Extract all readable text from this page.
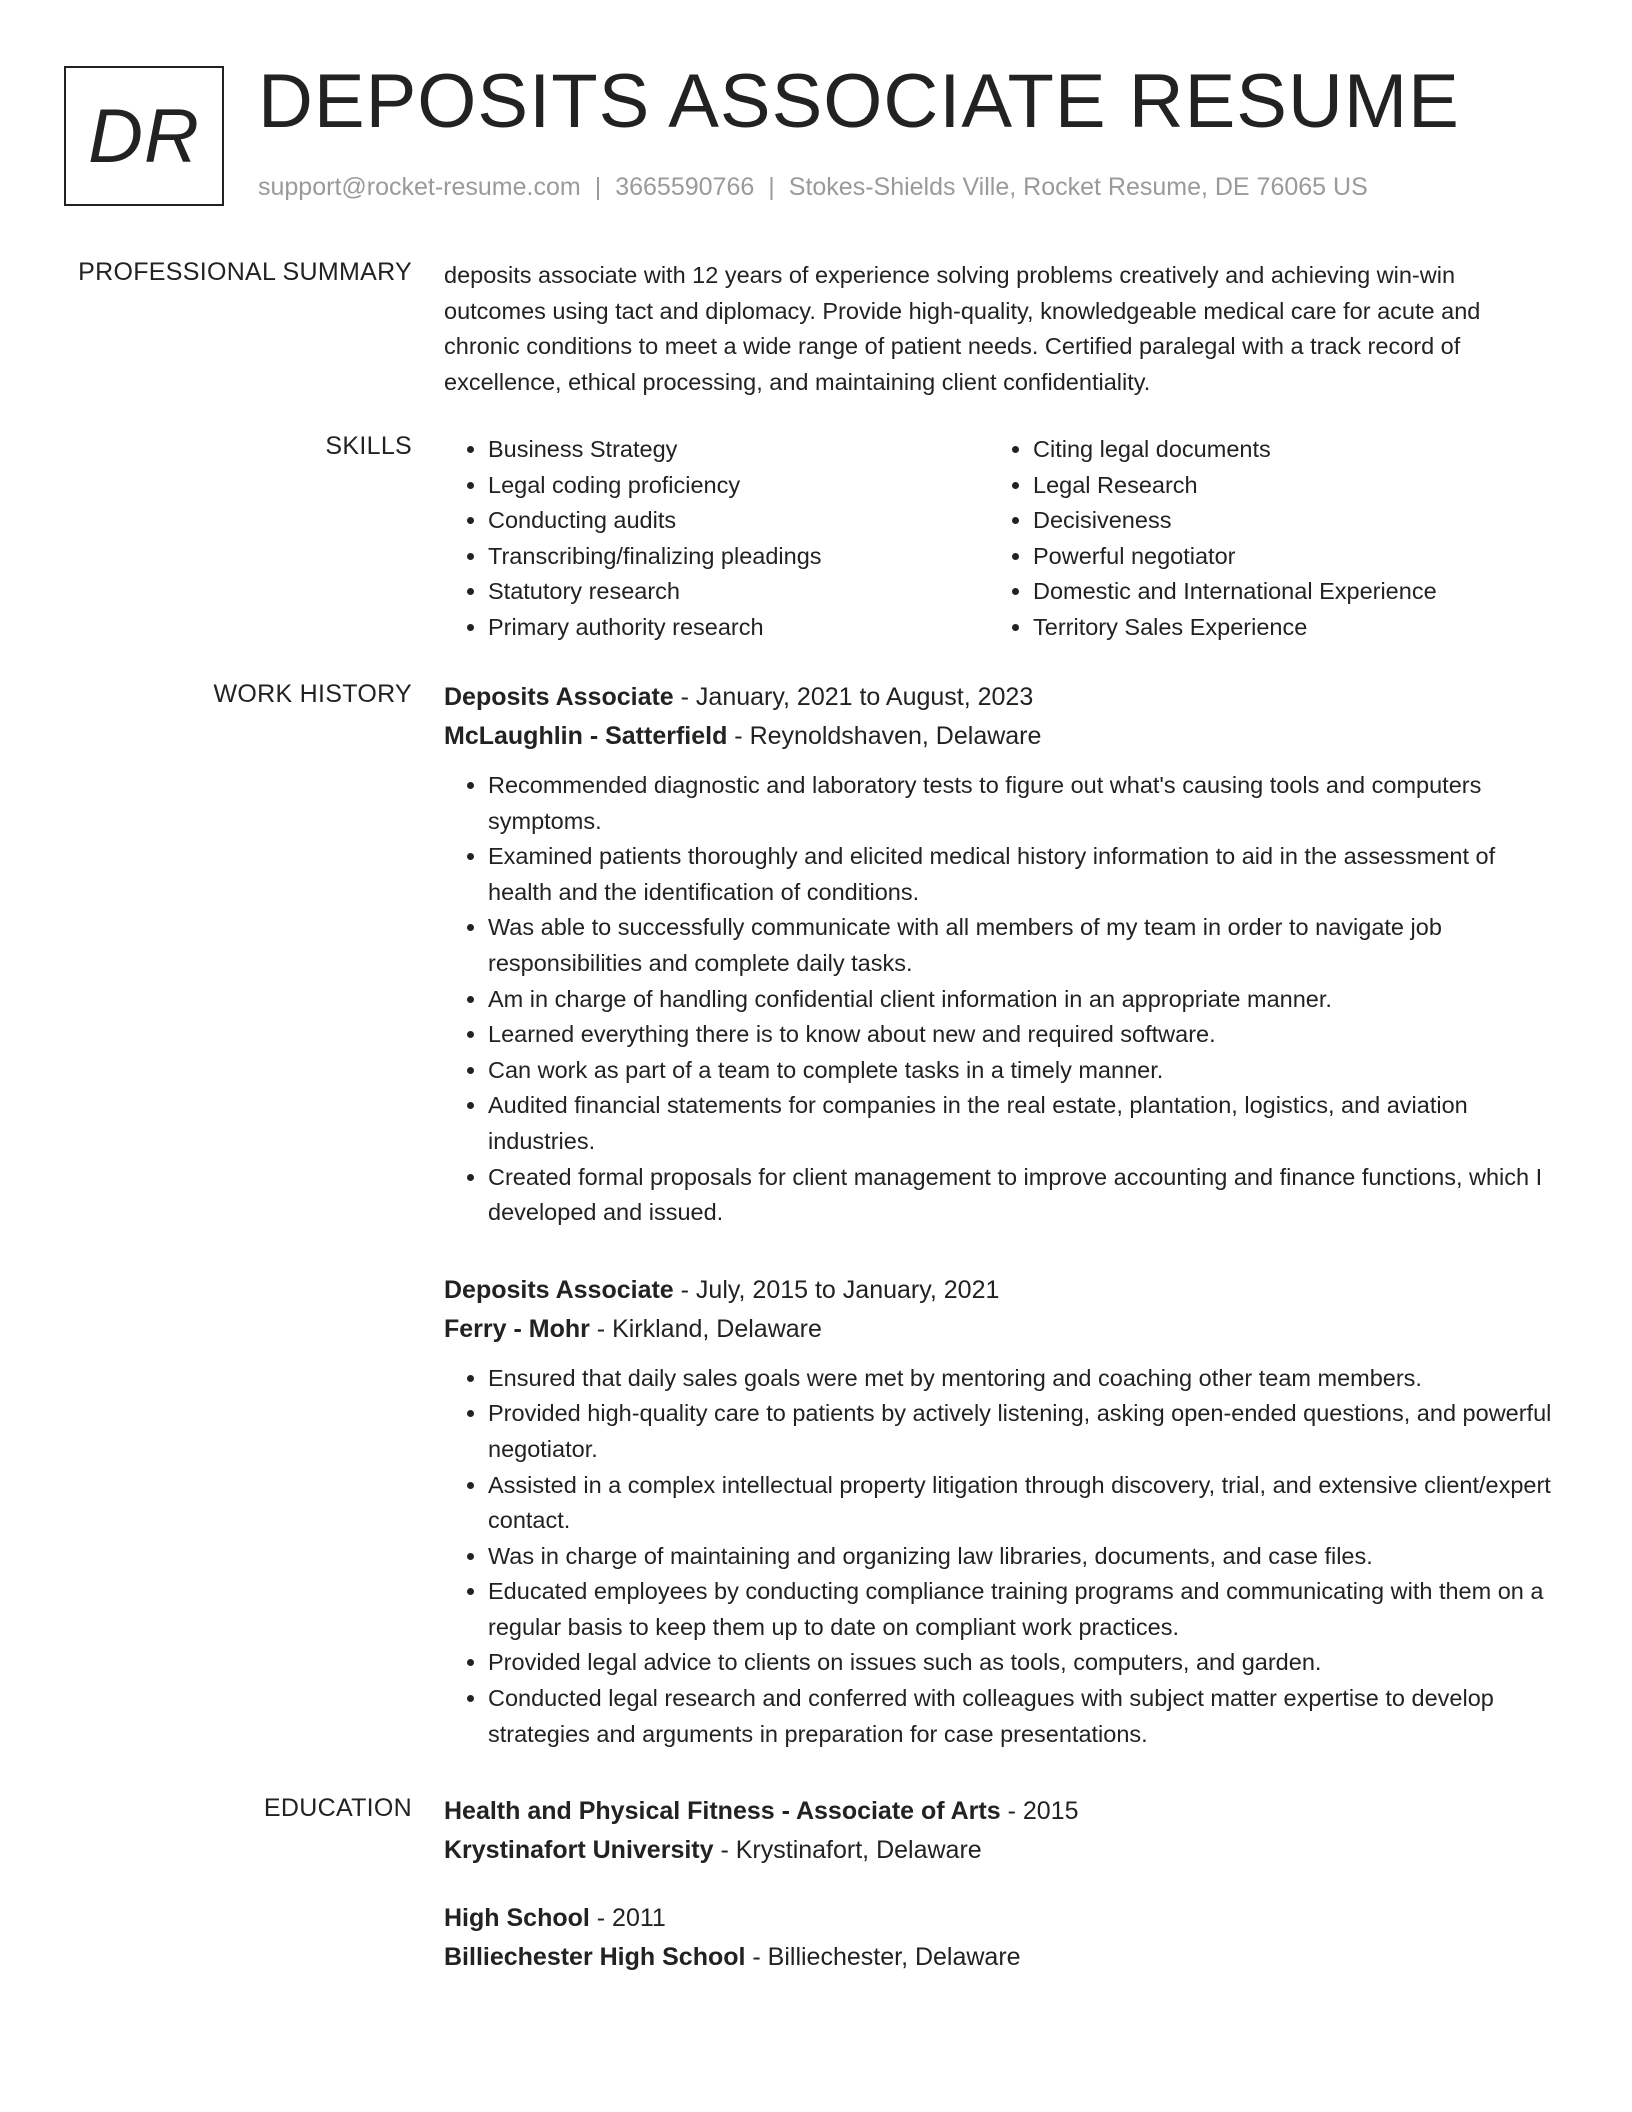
DR DEPOSITS ASSOCIATE RESUME
support@rocket-resume.com | 3665590766 | Stokes-Shields Ville, Rocket Resume, DE 76065 US
PROFESSIONAL SUMMARY deposits associate with 12 years of experience solving problems creatively and achieving win-win outcomes using tact and diplomacy. Provide high-quality, knowledgeable medical care for acute and chronic conditions to meet a wide range of patient needs. Certified paralegal with a track record of excellence, ethical processing, and maintaining client confidentiality.

SKILLS
•	Business Strategy
• Legal coding proficiency
• Conducting audits
• Transcribing/finalizing pleadings
• Statutory research
• Primary authority research
• Citing legal documents
• Legal Research
• Decisiveness
• Powerful negotiator
• Domestic and International Experience
• Territory Sales Experience
WORK HISTORY Deposits Associate - January, 2021 to August, 2023
McLaughlin - Satterfield - Reynoldshaven, Delaware
• Recommended diagnostic and laboratory tests to figure out what's causing tools and computers symptoms.
• Examined patients thoroughly and elicited medical history information to aid in the assessment of health and the identification of conditions.
• Was able to successfully communicate with all members of my team in order to navigate job responsibilities and complete daily tasks.
• Am in charge of handling confidential client information in an appropriate manner.
• Learned everything there is to know about new and required software.
• Can work as part of a team to complete tasks in a timely manner.
• Audited financial statements for companies in the real estate, plantation, logistics, and aviation industries.
• Created formal proposals for client management to improve accounting and finance functions, which I developed and issued.
Deposits Associate - July, 2015 to January, 2021
Ferry - Mohr - Kirkland, Delaware
• Ensured that daily sales goals were met by mentoring and coaching other team members.
• Provided high-quality care to patients by actively listening, asking open-ended questions, and powerful negotiator.
• Assisted in a complex intellectual property litigation through discovery, trial, and extensive client/expert contact.
• Was in charge of maintaining and organizing law libraries, documents, and case files.
• Educated employees by conducting compliance training programs and communicating with them on a regular basis to keep them up to date on compliant work practices.
• Provided legal advice to clients on issues such as tools, computers, and garden.
• Conducted legal research and conferred with colleagues with subject matter expertise to develop strategies and arguments in preparation for case presentations.
EDUCATION Health and Physical Fitness - Associate of Arts - 2015
Krystinafort University - Krystinafort, Delaware
High School - 2011
Billiechester High School - Billiechester, Delaware
